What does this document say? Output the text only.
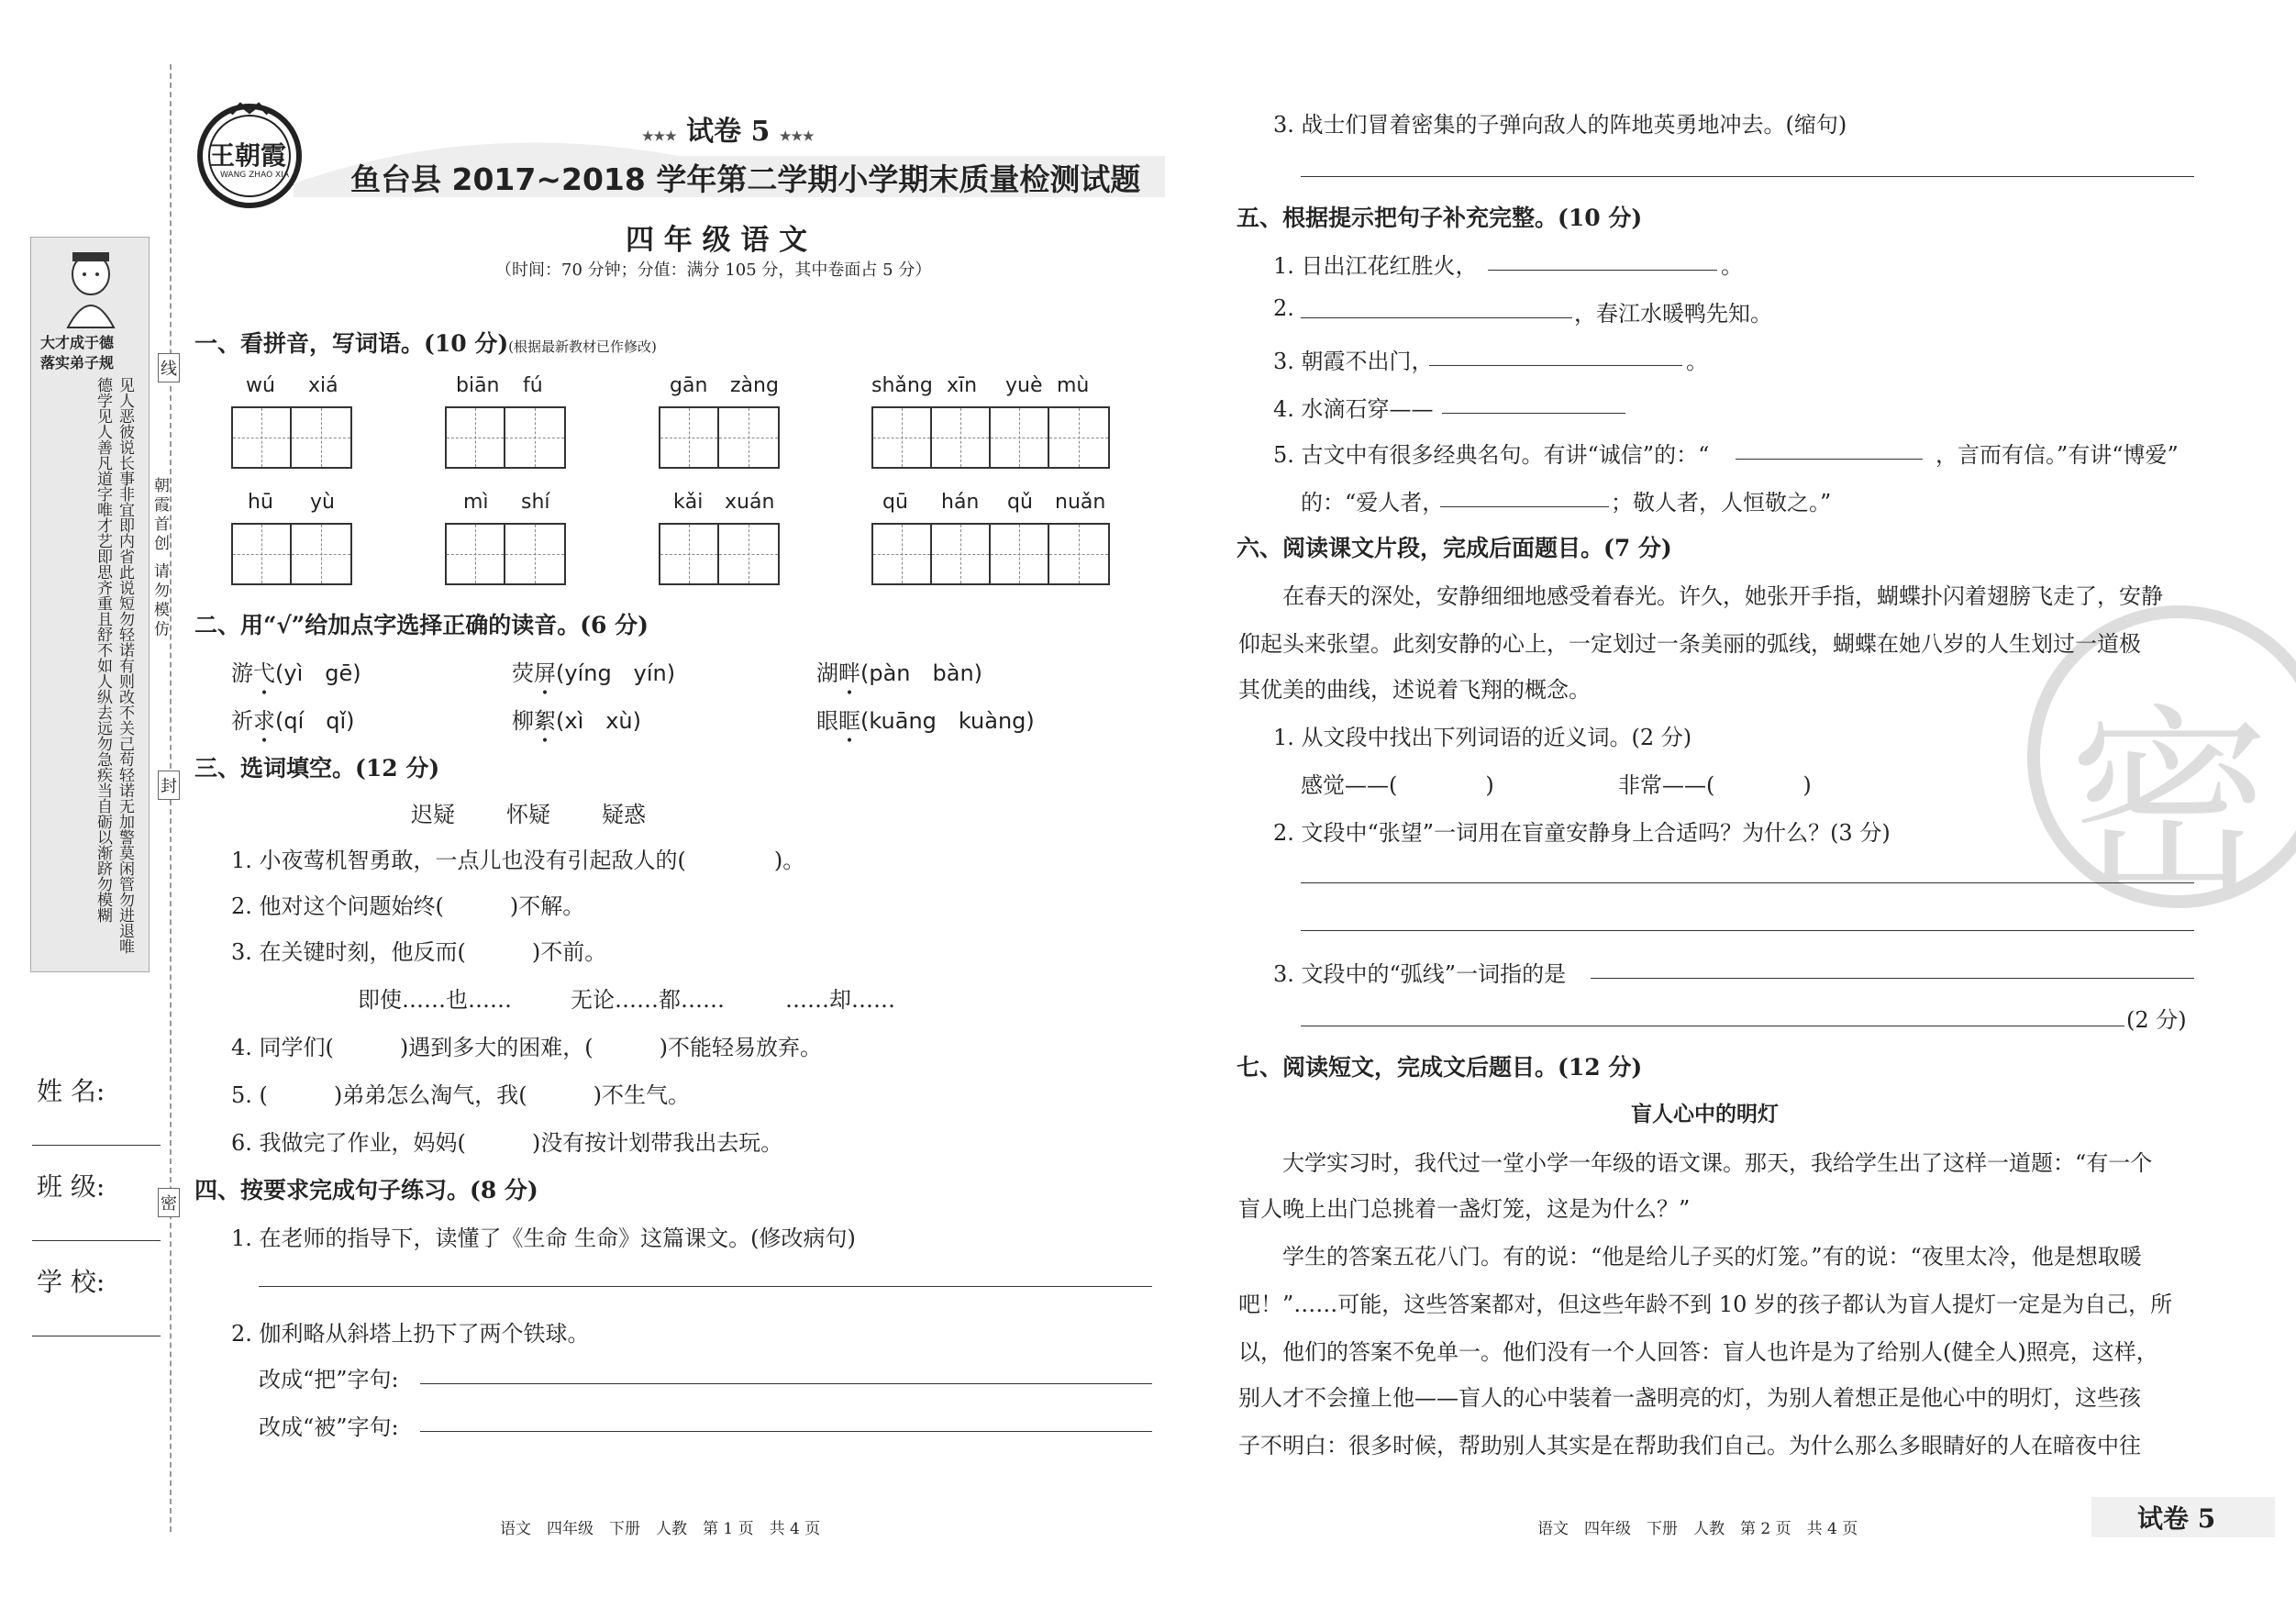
线
封
密
朝霞首创 请勿模仿
大才成于德
落实弟子规
见人恶彼说长事非宜即内省此说短勿轻诺有则改不关己苟轻诺无加警莫闲管勿进退唯德学见人善凡道字唯才艺即思齐重且舒不如人纵去远勿急疾当自砺以渐跻勿模糊
姓 名:
班 级:
学 校:
王朝霞
WANG ZHAO XIA
★★★ 试卷 5 ★★★
鱼台县 2017~2018 学年第二学期小学期末质量检测试题
四 年 级 语 文
（时间：70 分钟；分值：满分 105 分，其中卷面占 5 分）
一、看拼音，写词语。(10 分)(根据最新教材已作修改)
wú xiá	biān fú	gān zàng	shǎng xīn yuè mù
hū yù	mì shí	kǎi xuán	qū hán qǔ nuǎn
二、用“√”给加点字选择正确的读音。(6 分)
游弋(yì　gē)	荧屏(yíng　yín)	湖畔(pàn　bàn)
祈求(qí　qǐ)	柳絮(xì　xù)	眼眶(kuāng　kuàng)
三、选词填空。(12 分)
迟疑 怀疑 疑惑
1. 小夜莺机智勇敢，一点儿也没有引起敌人的(　　　　)。
2. 他对这个问题始终(　　　)不解。
3. 在关键时刻，他反而(　　　)不前。
即使……也……	无论……都……	……却……
4. 同学们(　　　)遇到多大的困难，(　　　)不能轻易放弃。
5. (　　　)弟弟怎么淘气，我(　　　)不生气。
6. 我做完了作业，妈妈(　　　)没有按计划带我出去玩。
四、按要求完成句子练习。(8 分)
1. 在老师的指导下，读懂了《生命 生命》这篇课文。(修改病句)
2. 伽利略从斜塔上扔下了两个铁球。
改成“把”字句:
改成“被”字句:
语文　四年级　下册　人教　第 1 页　共 4 页
密
3. 战士们冒着密集的子弹向敌人的阵地英勇地冲去。(缩句)
五、根据提示把句子补充完整。(10 分)
1. 日出江花红胜火，	。
2.	，春江水暖鸭先知。
3. 朝霞不出门，	。
4. 水滴石穿——
5. 古文中有很多经典名句。有讲“诚信”的：“	，言而有信。”有讲“博爱”
的：“爱人者，	；敬人者，人恒敬之。”
六、阅读课文片段，完成后面题目。(7 分)
在春天的深处，安静细细地感受着春光。许久，她张开手指，蝴蝶扑闪着翅膀飞走了，安静
仰起头来张望。此刻安静的心上，一定划过一条美丽的弧线，蝴蝶在她八岁的人生划过一道极
其优美的曲线，述说着飞翔的概念。
1. 从文段中找出下列词语的近义词。(2 分)
感觉——(　　　　)	非常——(　　　　)
2. 文段中“张望”一词用在盲童安静身上合适吗？为什么？(3 分)
3. 文段中的“弧线”一词指的是
(2 分)
七、阅读短文，完成文后题目。(12 分)
盲人心中的明灯
大学实习时，我代过一堂小学一年级的语文课。那天，我给学生出了这样一道题：“有一个
盲人晚上出门总挑着一盏灯笼，这是为什么？”
学生的答案五花八门。有的说：“他是给儿子买的灯笼。”有的说：“夜里太冷，他是想取暖
吧！”……可能，这些答案都对，但这些年龄不到 10 岁的孩子都认为盲人提灯一定是为自己，所
以，他们的答案不免单一。他们没有一个人回答：盲人也许是为了给别人(健全人)照亮，这样，
别人才不会撞上他——盲人的心中装着一盏明亮的灯，为别人着想正是他心中的明灯，这些孩
子不明白：很多时候，帮助别人其实是在帮助我们自己。为什么那么多眼睛好的人在暗夜中往
语文　四年级　下册　人教　第 2 页　共 4 页	试卷 5
